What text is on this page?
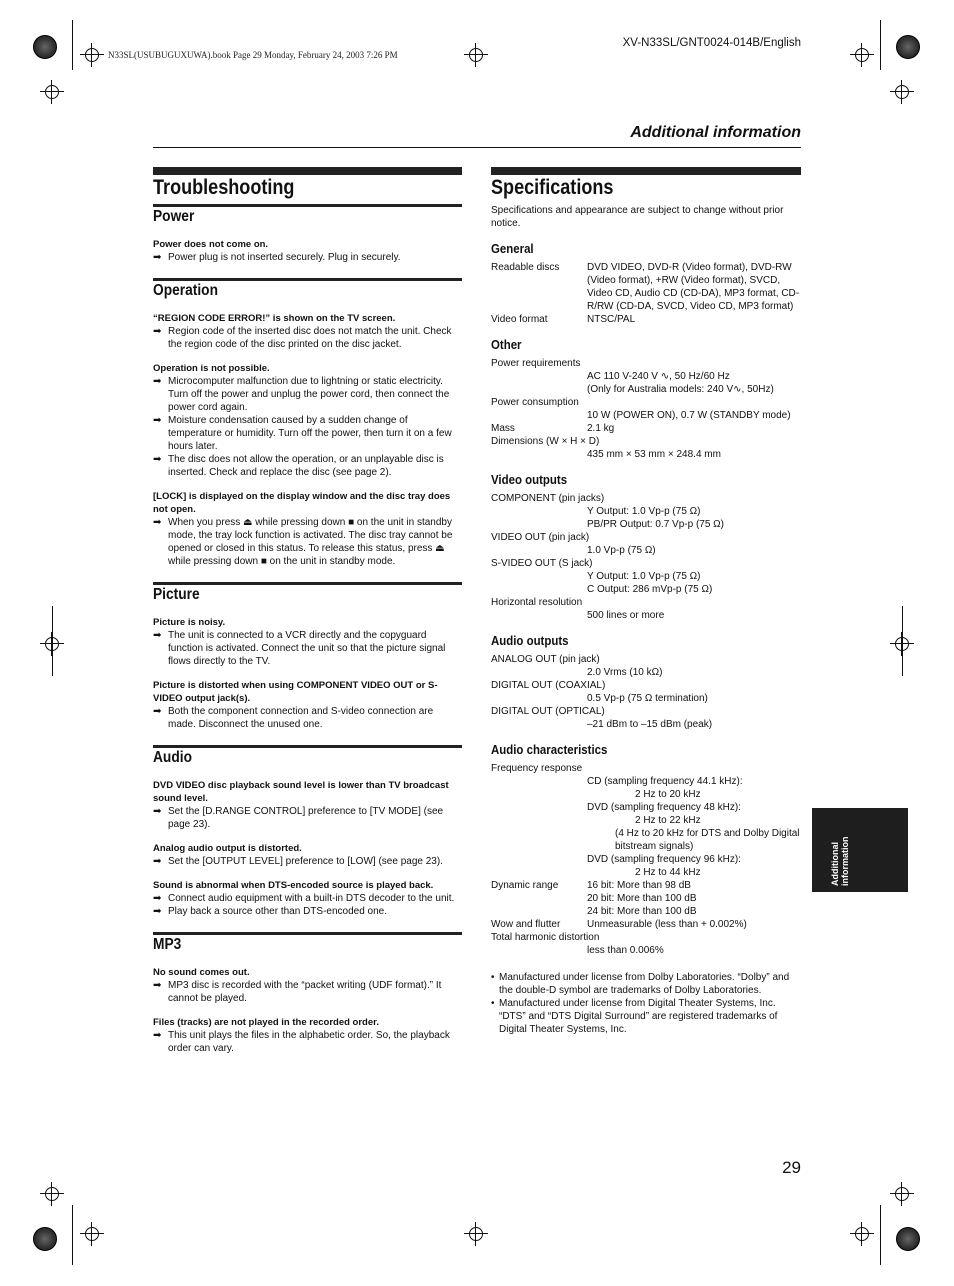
N33SL(USUBUGUXUWA).book Page 29 Monday, February 24, 2003 7:26 PM
XV-N33SL/GNT0024-014B/English
Additional information
Troubleshooting
Power
Power does not come on.
➡ Power plug is not inserted securely. Plug in securely.
Operation
“REGION CODE ERROR!” is shown on the TV screen.
➡ Region code of the inserted disc does not match the unit. Check the region code of the disc printed on the disc jacket.
Operation is not possible.
➡ Microcomputer malfunction due to lightning or static electricity. Turn off the power and unplug the power cord, then connect the power cord again.
➡ Moisture condensation caused by a sudden change of temperature or humidity. Turn off the power, then turn it on a few hours later.
➡ The disc does not allow the operation, or an unplayable disc is inserted. Check and replace the disc (see page 2).
[LOCK] is displayed on the display window and the disc tray does not open.
➡ When you press ⏏ while pressing down ■ on the unit in standby mode, the tray lock function is activated. The disc tray cannot be opened or closed in this status. To release this status, press ⏏ while pressing down ■ on the unit in standby mode.
Picture
Picture is noisy.
➡ The unit is connected to a VCR directly and the copyguard function is activated. Connect the unit so that the picture signal flows directly to the TV.
Picture is distorted when using COMPONENT VIDEO OUT or S-VIDEO output jack(s).
➡ Both the component connection and S-video connection are made. Disconnect the unused one.
Audio
DVD VIDEO disc playback sound level is lower than TV broadcast sound level.
➡ Set the [D.RANGE CONTROL] preference to [TV MODE] (see page 23).
Analog audio output is distorted.
➡ Set the [OUTPUT LEVEL] preference to [LOW] (see page 23).
Sound is abnormal when DTS-encoded source is played back.
➡ Connect audio equipment with a built-in DTS decoder to the unit.
➡ Play back a source other than DTS-encoded one.
MP3
No sound comes out.
➡ MP3 disc is recorded with the “packet writing (UDF format).” It cannot be played.
Files (tracks) are not played in the recorded order.
➡ This unit plays the files in the alphabetic order. So, the playback order can vary.
Specifications
Specifications and appearance are subject to change without prior notice.
General
Readable discs	DVD VIDEO, DVD-R (Video format), DVD-RW (Video format), +RW (Video format), SVCD, Video CD, Audio CD (CD-DA), MP3 format, CD-R/RW (CD-DA, SVCD, Video CD, MP3 format)
Video format	NTSC/PAL
Other
Power requirements
AC 110 V-240 V ∿, 50 Hz/60 Hz
(Only for Australia models: 240 V∿, 50Hz)
Power consumption
10 W (POWER ON), 0.7 W (STANDBY mode)
Mass	2.1 kg
Dimensions (W × H × D)
435 mm × 53 mm × 248.4 mm
Video outputs
COMPONENT (pin jacks)
Y Output: 1.0 Vp-p (75 Ω)
PB/PR Output: 0.7 Vp-p (75 Ω)
VIDEO OUT (pin jack)
1.0 Vp-p (75 Ω)
S-VIDEO OUT (S jack)
Y Output: 1.0 Vp-p (75 Ω)
C Output: 286 mVp-p (75 Ω)
Horizontal resolution
500 lines or more
Audio outputs
ANALOG OUT (pin jack)
2.0 Vrms (10 kΩ)
DIGITAL OUT (COAXIAL)
0.5 Vp-p (75 Ω termination)
DIGITAL OUT (OPTICAL)
–21 dBm to –15 dBm (peak)
Audio characteristics
Frequency response
CD (sampling frequency 44.1 kHz):
2 Hz to 20 kHz
DVD (sampling frequency 48 kHz):
2 Hz to 22 kHz
(4 Hz to 20 kHz for DTS and Dolby Digital bitstream signals)
DVD (sampling frequency 96 kHz):
2 Hz to 44 kHz
Dynamic range	16 bit: More than 98 dB
20 bit: More than 100 dB
24 bit: More than 100 dB
Wow and flutter	Unmeasurable (less than + 0.002%)
Total harmonic distortion
less than 0.006%
• Manufactured under license from Dolby Laboratories. “Dolby” and the double-D symbol are trademarks of Dolby Laboratories.
• Manufactured under license from Digital Theater Systems, Inc. “DTS” and “DTS Digital Surround” are registered trademarks of Digital Theater Systems, Inc.
Additional information
29
